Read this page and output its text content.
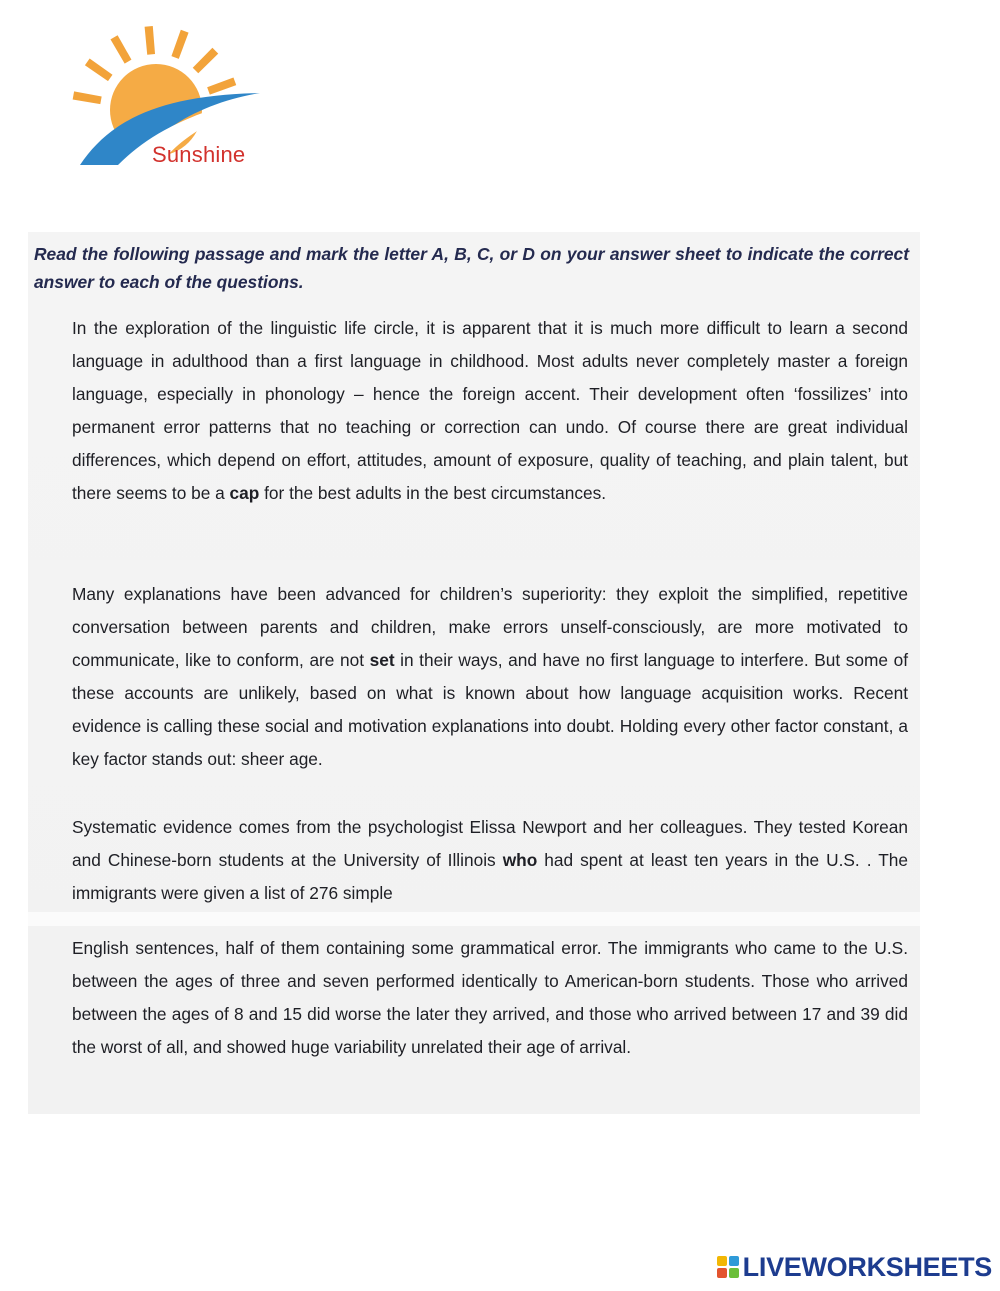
Sunshine
Read the following passage and mark the letter A, B, C, or D on your answer sheet to indicate the correct answer to each of the questions.
In the exploration of the linguistic life circle, it is apparent that it is much more difficult to learn a second language in adulthood than a first language in childhood. Most adults never completely master a foreign language, especially in phonology – hence the foreign accent. Their development often ‘fossilizes’ into permanent error patterns that no teaching or correction can undo. Of course there are great individual differences, which depend on effort, attitudes, amount of exposure, quality of teaching, and plain talent, but there seems to be a cap for the best adults in the best circumstances.
Many explanations have been advanced for children’s superiority: they exploit the simplified, repetitive conversation between parents and children, make errors unself-consciously, are more motivated to communicate, like to conform, are not set in their ways, and have no first language to interfere. But some of these accounts are unlikely, based on what is known about how language acquisition works. Recent evidence is calling these social and motivation explanations into doubt. Holding every other factor constant, a key factor stands out: sheer age.
Systematic evidence comes from the psychologist Elissa Newport and her colleagues. They tested Korean and Chinese-born students at the University of Illinois who had spent at least ten years in the U.S. . The immigrants were given a list of 276 simple
English sentences, half of them containing some grammatical error. The immigrants who came to the U.S. between the ages of three and seven performed identically to American-born students. Those who arrived between the ages of 8 and 15 did worse the later they arrived, and those who arrived between 17 and 39 did the worst of all, and showed huge variability unrelated their age of arrival.
LIVEWORKSHEETS
